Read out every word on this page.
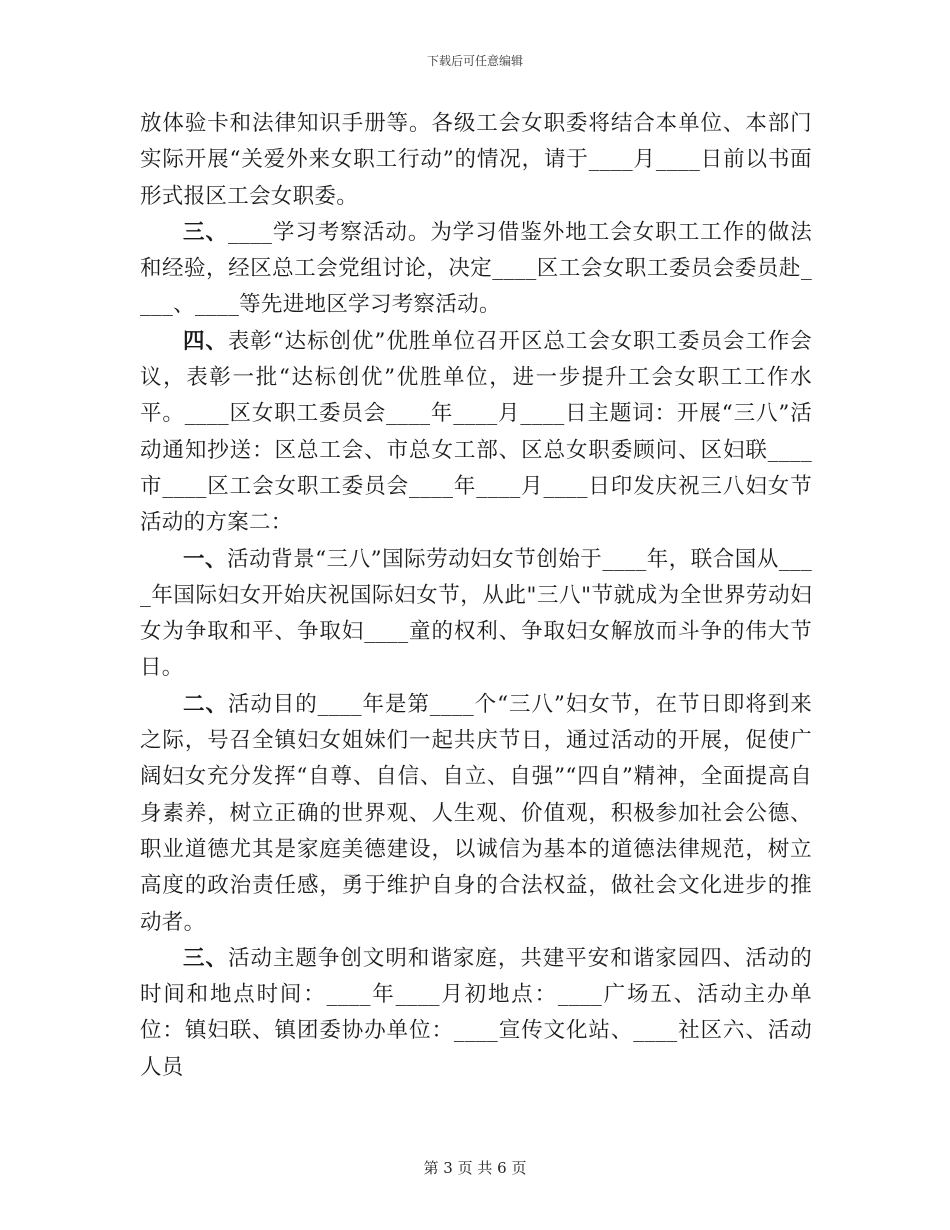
下载后可任意编辑

放体验卡和法律知识手册等。各级工会女职委将结合本单位、本部门实际开展“关爱外来女职工行动”的情况，请于____月____日前以书面形式报区工会女职委。

三、____学习考察活动。为学习借鉴外地工会女职工工作的做法和经验，经区总工会党组讨论，决定____区工会女职工委员会委员赴____、____等先进地区学习考察活动。

四、表彰“达标创优”优胜单位召开区总工会女职工委员会工作会议，表彰一批“达标创优”优胜单位，进一步提升工会女职工工作水平。____区女职工委员会____年____月____日主题词：开展“三八”活动通知抄送：区总工会、市总女工部、区总女职委顾问、区妇联____市____区工会女职工委员会____年____月____日印发庆祝三八妇女节活动的方案二：

一、活动背景“三八”国际劳动妇女节创始于____年，联合国从____年国际妇女开始庆祝国际妇女节，从此"三八"节就成为全世界劳动妇女为争取和平、争取妇____童的权利、争取妇女解放而斗争的伟大节日。

二、活动目的____年是第____个“三八”妇女节，在节日即将到来之际，号召全镇妇女姐妹们一起共庆节日，通过活动的开展，促使广阔妇女充分发挥“自尊、自信、自立、自强”“四自”精神，全面提高自身素养，树立正确的世界观、人生观、价值观，积极参加社会公德、职业道德尤其是家庭美德建设，以诚信为基本的道德法律规范，树立高度的政治责任感，勇于维护自身的合法权益，做社会文化进步的推动者。

三、活动主题争创文明和谐家庭，共建平安和谐家园四、活动的时间和地点时间：____年____月初地点：____广场五、活动主办单位：镇妇联、镇团委协办单位：____宣传文化站、____社区六、活动人员

第 3 页 共 6 页
